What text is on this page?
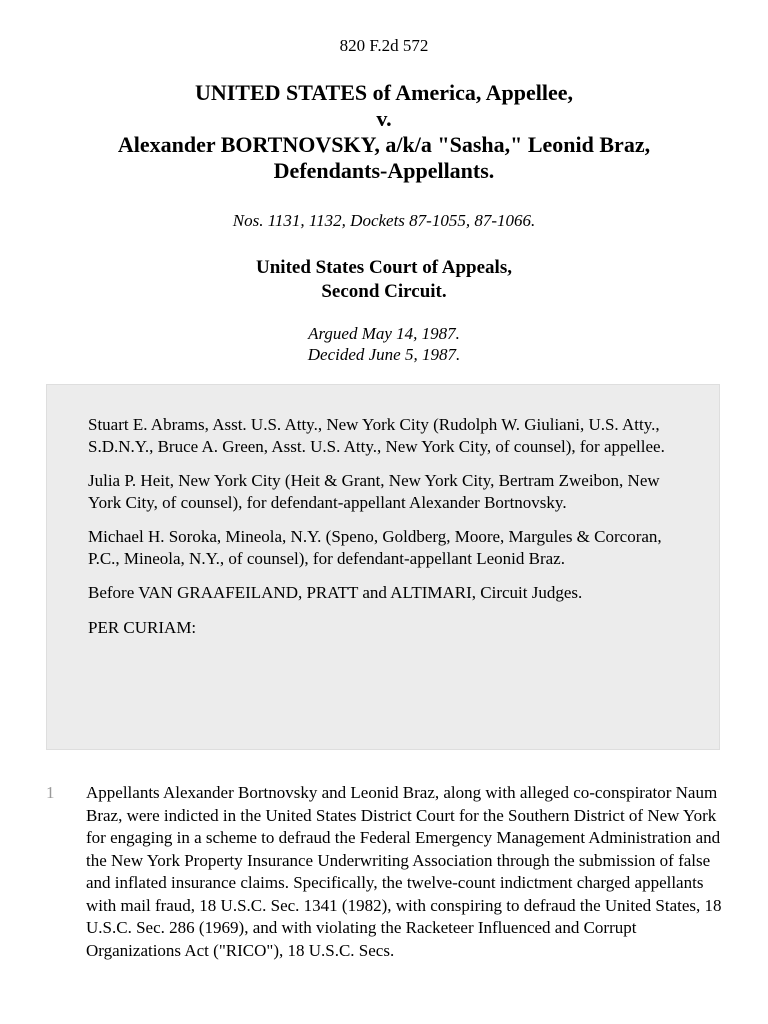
820 F.2d 572
UNITED STATES of America, Appellee,
v.
Alexander BORTNOVSKY, a/k/a "Sasha," Leonid Braz,
Defendants-Appellants.
Nos. 1131, 1132, Dockets 87-1055, 87-1066.
United States Court of Appeals,
Second Circuit.
Argued May 14, 1987.
Decided June 5, 1987.

Stuart E. Abrams, Asst. U.S. Atty., New York City (Rudolph W. Giuliani, U.S. Atty., S.D.N.Y., Bruce A. Green, Asst. U.S. Atty., New York City, of counsel), for appellee.

Julia P. Heit, New York City (Heit & Grant, New York City, Bertram Zweibon, New York City, of counsel), for defendant-appellant Alexander Bortnovsky.

Michael H. Soroka, Mineola, N.Y. (Speno, Goldberg, Moore, Margules & Corcoran, P.C., Mineola, N.Y., of counsel), for defendant-appellant Leonid Braz.

Before VAN GRAAFEILAND, PRATT and ALTIMARI, Circuit Judges.

PER CURIAM:

1 Appellants Alexander Bortnovsky and Leonid Braz, along with alleged co-conspirator Naum Braz, were indicted in the United States District Court for the Southern District of New York for engaging in a scheme to defraud the Federal Emergency Management Administration and the New York Property Insurance Underwriting Association through the submission of false and inflated insurance claims. Specifically, the twelve-count indictment charged appellants with mail fraud, 18 U.S.C. Sec. 1341 (1982), with conspiring to defraud the United States, 18 U.S.C. Sec. 286 (1969), and with violating the Racketeer Influenced and Corrupt Organizations Act ("RICO"), 18 U.S.C. Secs.
